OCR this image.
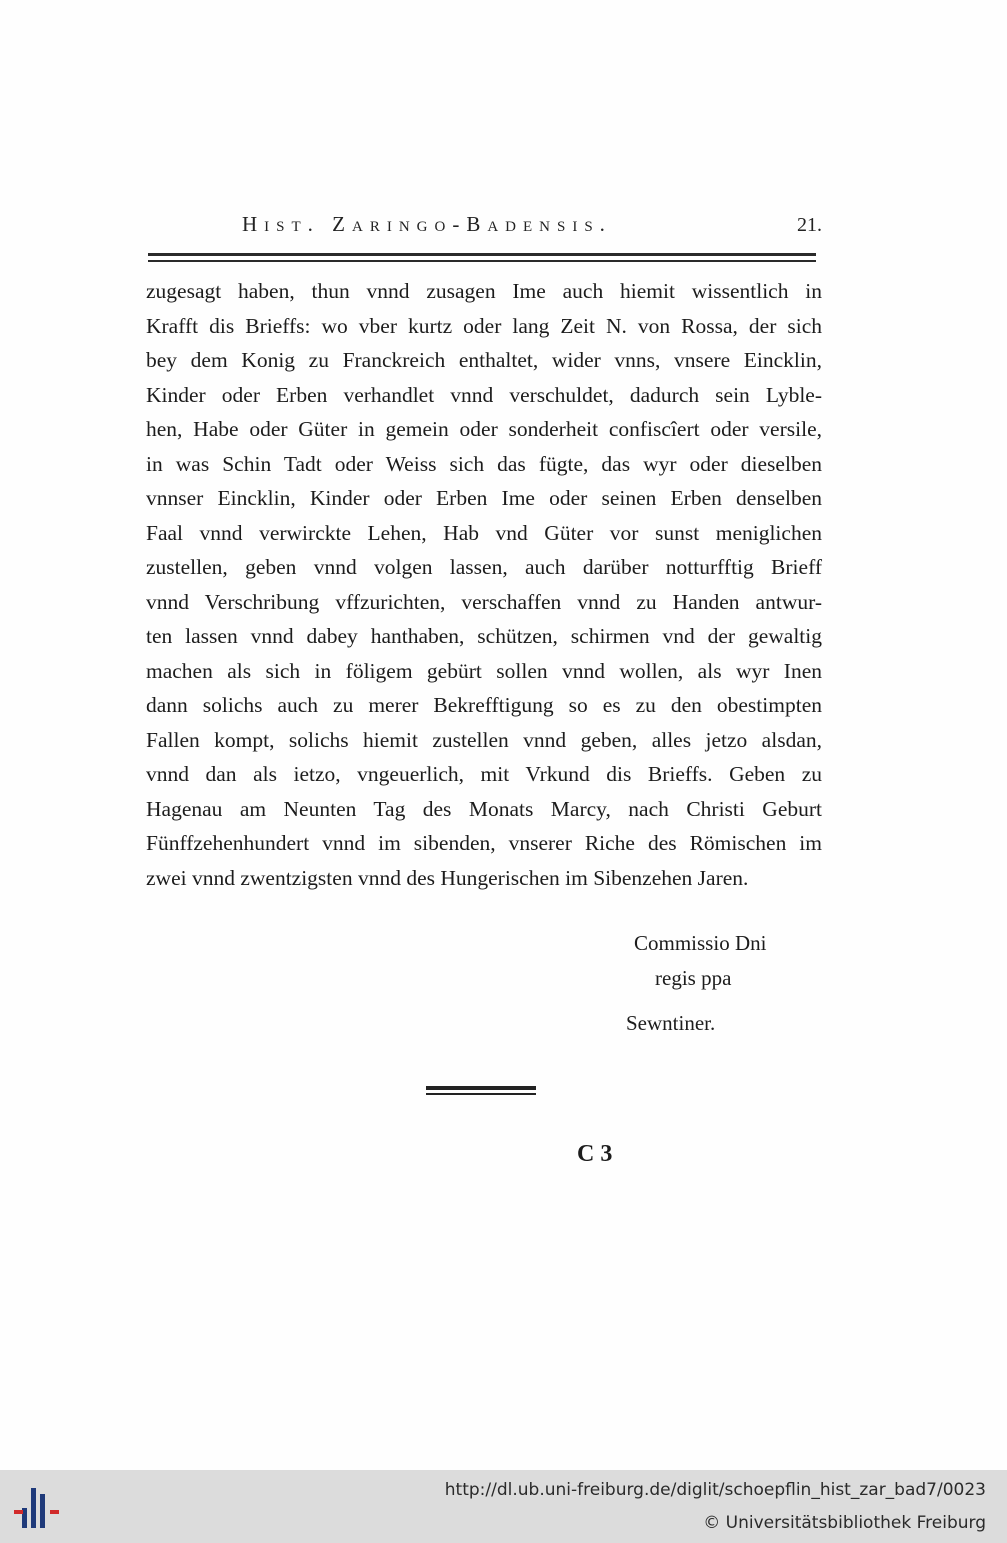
Hist. Zaringo-Badensis.	21.
zugesagt haben, thun vnnd zusagen Ime auch hiemit wissentlich in
Krafft dis Brieffs: wo vber kurtz oder lang Zeit N. von Rossa, der sich
bey dem Konig zu Franckreich enthaltet, wider vnns, vnsere Eincklin,
Kinder oder Erben verhandlet vnnd verschuldet, dadurch sein Lyble-
hen, Habe oder Güter in gemein oder sonderheit confiscîert oder versile,
in was Schin Tadt oder Weiss sich das fügte, das wyr oder dieselben
vnnser Eincklin, Kinder oder Erben Ime oder seinen Erben denselben
Faal vnnd verwirckte Lehen, Hab vnd Güter vor sunst meniglichen
zustellen, geben vnnd volgen lassen, auch darüber notturfftig Brieff
vnnd Verschribung vffzurichten, verschaffen vnnd zu Handen antwur-
ten lassen vnnd dabey hanthaben, schützen, schirmen vnd der gewaltig
machen als sich in föligem gebürt sollen vnnd wollen, als wyr Inen
dann solichs auch zu merer Bekrefftigung so es zu den obestimpten
Fallen kompt, solichs hiemit zustellen vnnd geben, alles jetzo alsdan,
vnnd dan als ietzo, vngeuerlich, mit Vrkund dis Brieffs. Geben zu
Hagenau am Neunten Tag des Monats Marcy, nach Christi Geburt
Fünffzehenhundert vnnd im sibenden, vnserer Riche des Römischen im
zwei vnnd zwentzigsten vnnd des Hungerischen im Sibenzehen Jaren.
Commissio Dni
regis ppa
Sewntiner.
C 3
http://dl.ub.uni-freiburg.de/diglit/schoepflin_hist_zar_bad7/0023
© Universitätsbibliothek Freiburg
